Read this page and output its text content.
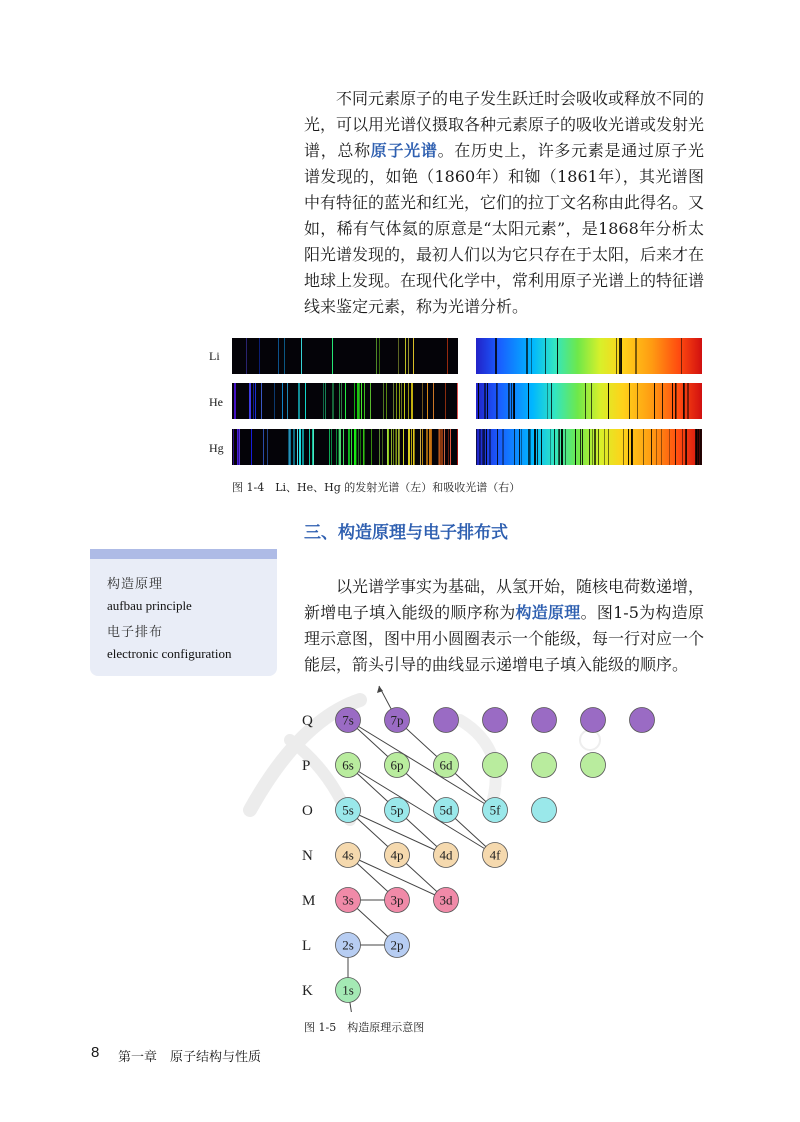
不同元素原子的电子发生跃迁时会吸收或释放不同的光，可以用光谱仪摄取各种元素原子的吸收光谱或发射光谱，总称原子光谱。在历史上，许多元素是通过原子光谱发现的，如铯（1860年）和铷（1861年），其光谱图中有特征的蓝光和红光，它们的拉丁文名称由此得名。又如，稀有气体氦的原意是“太阳元素”，是1868年分析太阳光谱发现的，最初人们以为它只存在于太阳，后来才在地球上发现。在现代化学中，常利用原子光谱上的特征谱线来鉴定元素，称为光谱分析。

Li
He
Hg
图 1-4　Li、He、Hg 的发射光谱（左）和吸收光谱（右）
三、构造原理与电子排布式
构造原理
aufbau principle
电子排布
electronic configuration

以光谱学事实为基础，从氢开始，随核电荷数递增，新增电子填入能级的顺序称为构造原理。图1-5为构造原理示意图，图中用小圆圈表示一个能级，每一行对应一个能层，箭头引导的曲线显示递增电子填入能级的顺序。

Q
P
O
N
M
L
K
7s	7p
6s	6p	6d
5s	5p	5d	5f
4s	4p	4d	4f
3s	3p	3d
2s	2p
1s
图 1-5　构造原理示意图
8 第一章　原子结构与性质
